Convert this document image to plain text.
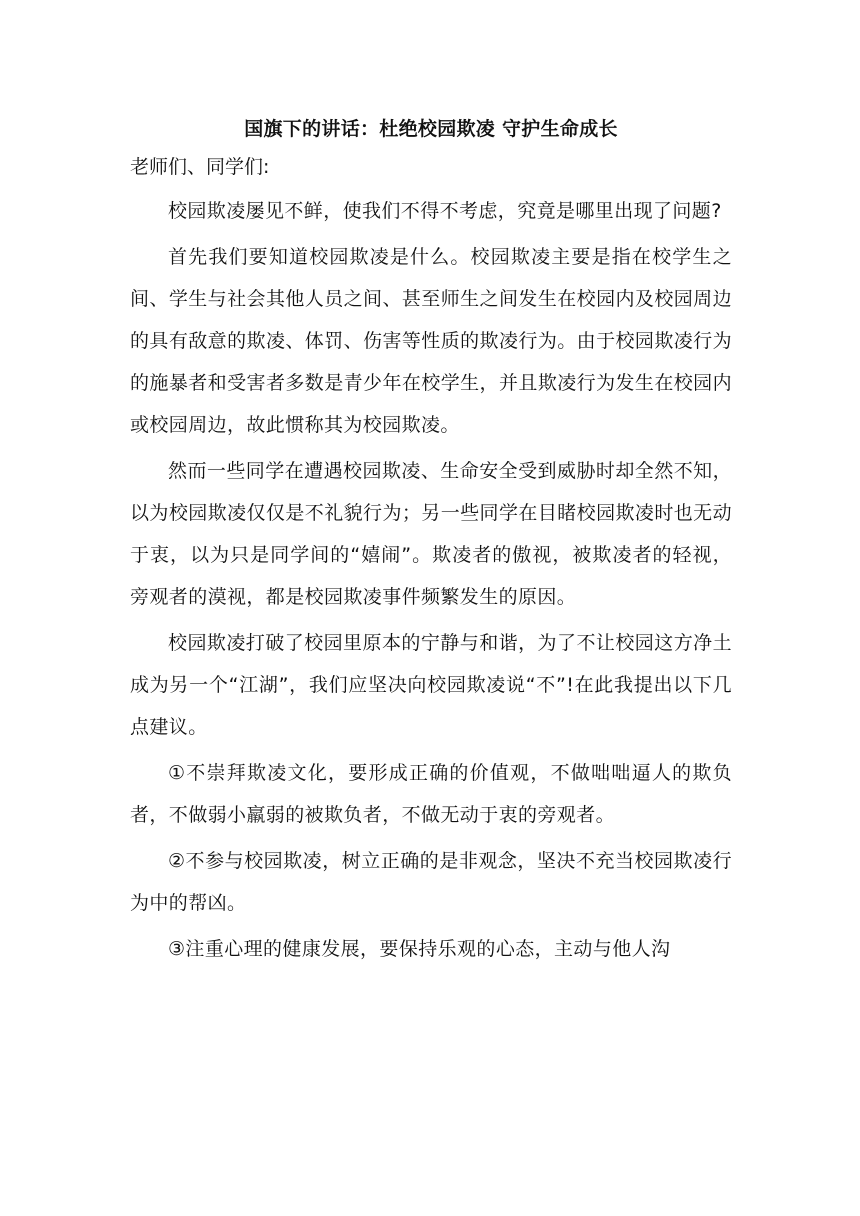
国旗下的讲话：杜绝校园欺凌 守护生命成长

老师们、同学们:

校园欺凌屡见不鲜，使我们不得不考虑，究竟是哪里出现了问题?

首先我们要知道校园欺凌是什么。校园欺凌主要是指在校学生之间、学生与社会其他人员之间、甚至师生之间发生在校园内及校园周边的具有敌意的欺凌、体罚、伤害等性质的欺凌行为。由于校园欺凌行为的施暴者和受害者多数是青少年在校学生，并且欺凌行为发生在校园内或校园周边，故此惯称其为校园欺凌。

然而一些同学在遭遇校园欺凌、生命安全受到威胁时却全然不知，以为校园欺凌仅仅是不礼貌行为；另一些同学在目睹校园欺凌时也无动于衷，以为只是同学间的“嬉闹”。欺凌者的傲视，被欺凌者的轻视，旁观者的漠视，都是校园欺凌事件频繁发生的原因。

校园欺凌打破了校园里原本的宁静与和谐，为了不让校园这方净土成为另一个“江湖”，我们应坚决向校园欺凌说“不”!在此我提出以下几点建议。

①不崇拜欺凌文化，要形成正确的价值观，不做咄咄逼人的欺负者，不做弱小羸弱的被欺负者，不做无动于衷的旁观者。

②不参与校园欺凌，树立正确的是非观念，坚决不充当校园欺凌行为中的帮凶。

③注重心理的健康发展，要保持乐观的心态，主动与他人沟
